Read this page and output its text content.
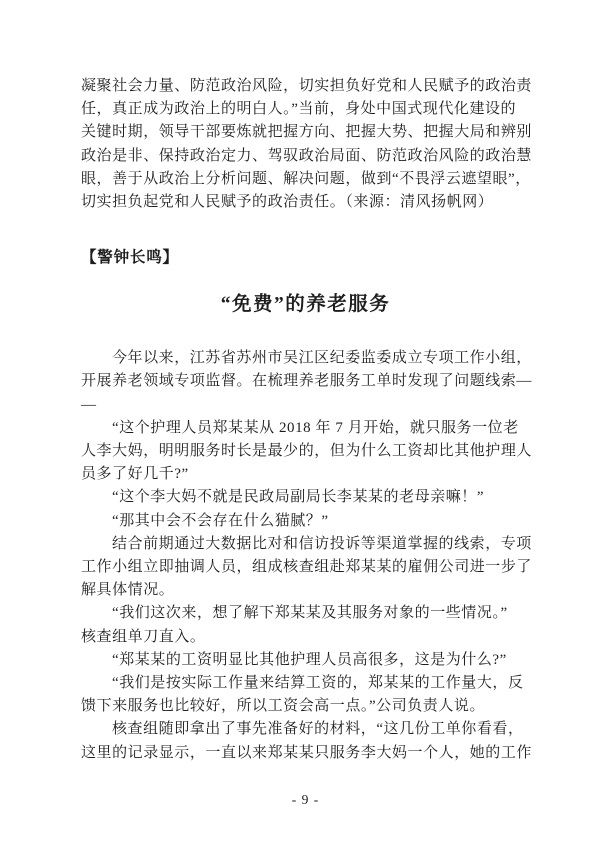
凝聚社会力量、防范政治风险，切实担负好党和人民赋予的政治责
任，真正成为政治上的明白人。”当前，身处中国式现代化建设的
关键时期，领导干部要炼就把握方向、把握大势、把握大局和辨别
政治是非、保持政治定力、驾驭政治局面、防范政治风险的政治慧
眼，善于从政治上分析问题、解决问题，做到“不畏浮云遮望眼”，
切实担负起党和人民赋予的政治责任。（来源：清风扬帆网）
【警钟长鸣】
“免费”的养老服务
今年以来，江苏省苏州市吴江区纪委监委成立专项工作小组，
开展养老领域专项监督。在梳理养老服务工单时发现了问题线索—
—
“这个护理人员郑某某从 2018 年 7 月开始，就只服务一位老
人李大妈，明明服务时长是最少的，但为什么工资却比其他护理人
员多了好几千?”
“这个李大妈不就是民政局副局长李某某的老母亲嘛！”
“那其中会不会存在什么猫腻？”
结合前期通过大数据比对和信访投诉等渠道掌握的线索，专项
工作小组立即抽调人员，组成核查组赴郑某某的雇佣公司进一步了
解具体情况。
“我们这次来，想了解下郑某某及其服务对象的一些情况。”
核查组单刀直入。
“郑某某的工资明显比其他护理人员高很多，这是为什么?”
“我们是按实际工作量来结算工资的，郑某某的工作量大，反
馈下来服务也比较好，所以工资会高一点。”公司负责人说。
核查组随即拿出了事先准备好的材料，“这几份工单你看看，
这里的记录显示，一直以来郑某某只服务李大妈一个人，她的工作
- 9 -
